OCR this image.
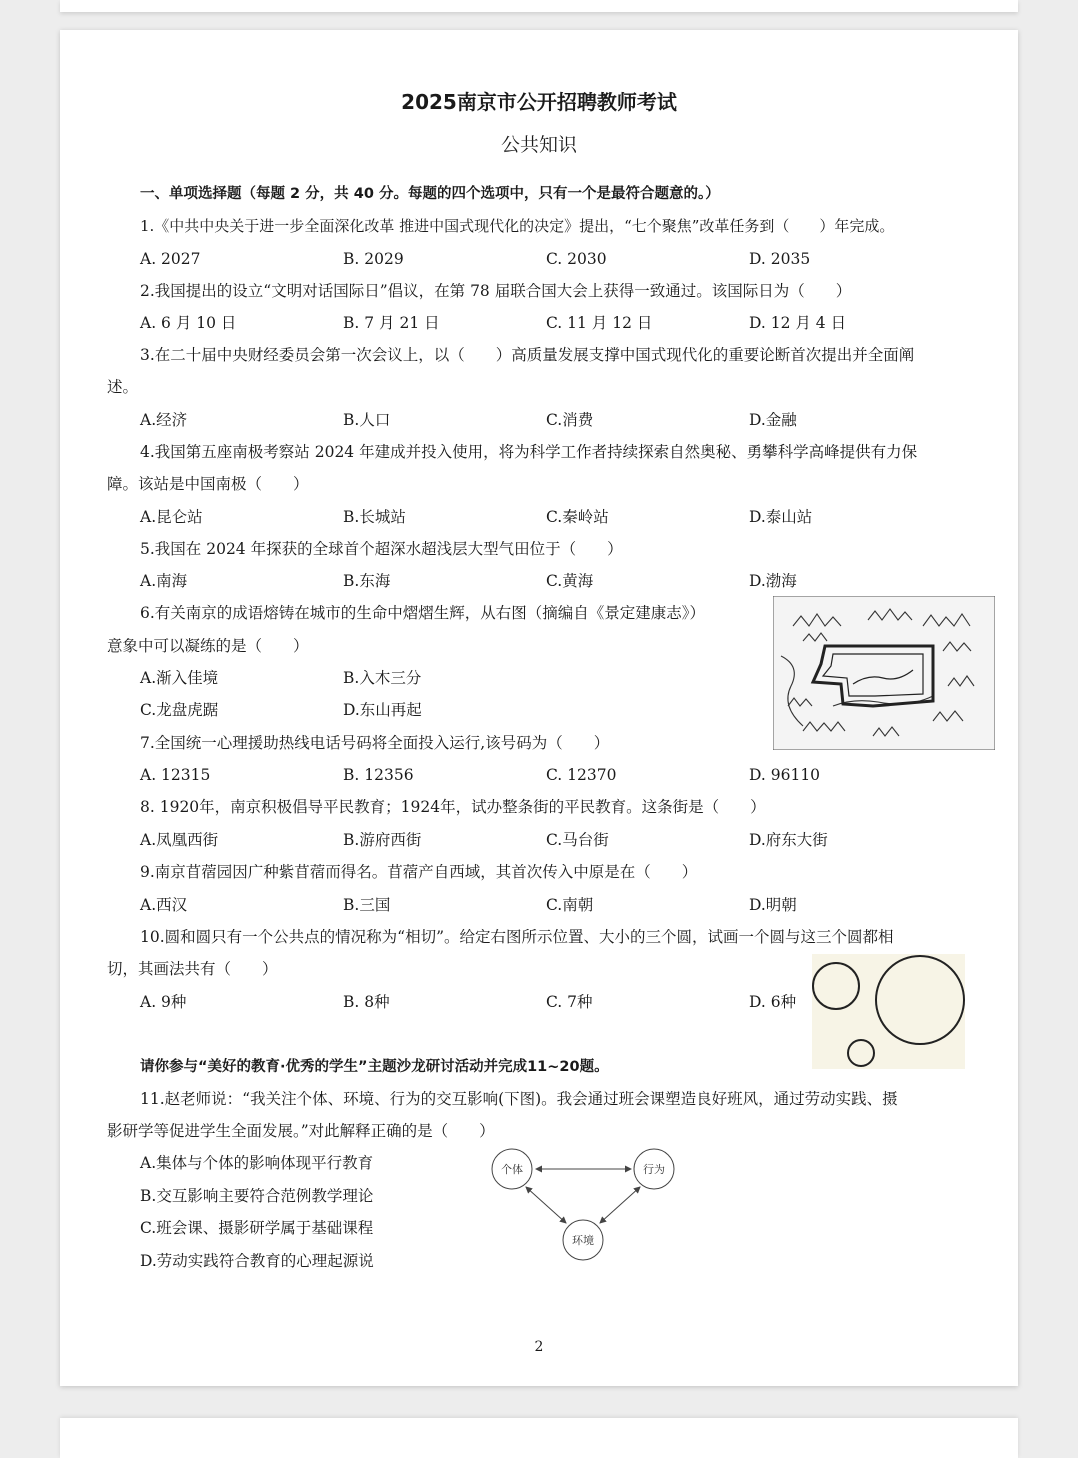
2025南京市公开招聘教师考试
公共知识
一、单项选择题（每题 2 分，共 40 分。每题的四个选项中，只有一个是最符合题意的。）
1.《中共中央关于进一步全面深化改革 推进中国式现代化的决定》提出，“七个聚焦”改革任务到（　　）年完成。
A. 2027	B. 2029	C. 2030	D. 2035
2.我国提出的设立“文明对话国际日”倡议，在第 78 届联合国大会上获得一致通过。该国际日为（　　）
A. 6 月 10 日	B. 7 月 21 日	C. 11 月 12 日	D. 12 月 4 日
3.在二十届中央财经委员会第一次会议上，以（　　）高质量发展支撑中国式现代化的重要论断首次提出并全面阐
述。
A.经济	B.人口	C.消费	D.金融
4.我国第五座南极考察站 2024 年建成并投入使用，将为科学工作者持续探索自然奥秘、勇攀科学高峰提供有力保
障。该站是中国南极（　　）
A.昆仑站	B.长城站	C.秦岭站	D.泰山站
5.我国在 2024 年探获的全球首个超深水超浅层大型气田位于（　　）
A.南海	B.东海	C.黄海	D.渤海
6.有关南京的成语熔铸在城市的生命中熠熠生辉，从右图（摘编自《景定建康志》）
意象中可以凝练的是（　　）
A.渐入佳境	B.入木三分
C.龙盘虎踞	D.东山再起
7.全国统一心理援助热线电话号码将全面投入运行,该号码为（　　）
A. 12315	B. 12356	C. 12370	D. 96110
8. 1920年，南京积极倡导平民教育；1924年，试办整条街的平民教育。这条街是（　　）
A.凤凰西街	B.游府西街	C.马台街	D.府东大街
9.南京苜蓿园因广种紫苜蓿而得名。苜蓿产自西域，其首次传入中原是在（　　）
A.西汉	B.三国	C.南朝	D.明朝
10.圆和圆只有一个公共点的情况称为“相切”。给定右图所示位置、大小的三个圆，试画一个圆与这三个圆都相
切，其画法共有（　　）
A. 9种	B. 8种	C. 7种	D. 6种
请你参与“美好的教育·优秀的学生”主题沙龙研讨活动并完成11~20题。
11.赵老师说：“我关注个体、环境、行为的交互影响(下图)。我会通过班会课塑造良好班风，通过劳动实践、摄
影研学等促进学生全面发展。”对此解释正确的是（　　）
A.集体与个体的影响体现平行教育
B.交互影响主要符合范例教学理论
C.班会课、摄影研学属于基础课程
D.劳动实践符合教育的心理起源说
个体	行为
环境
2
